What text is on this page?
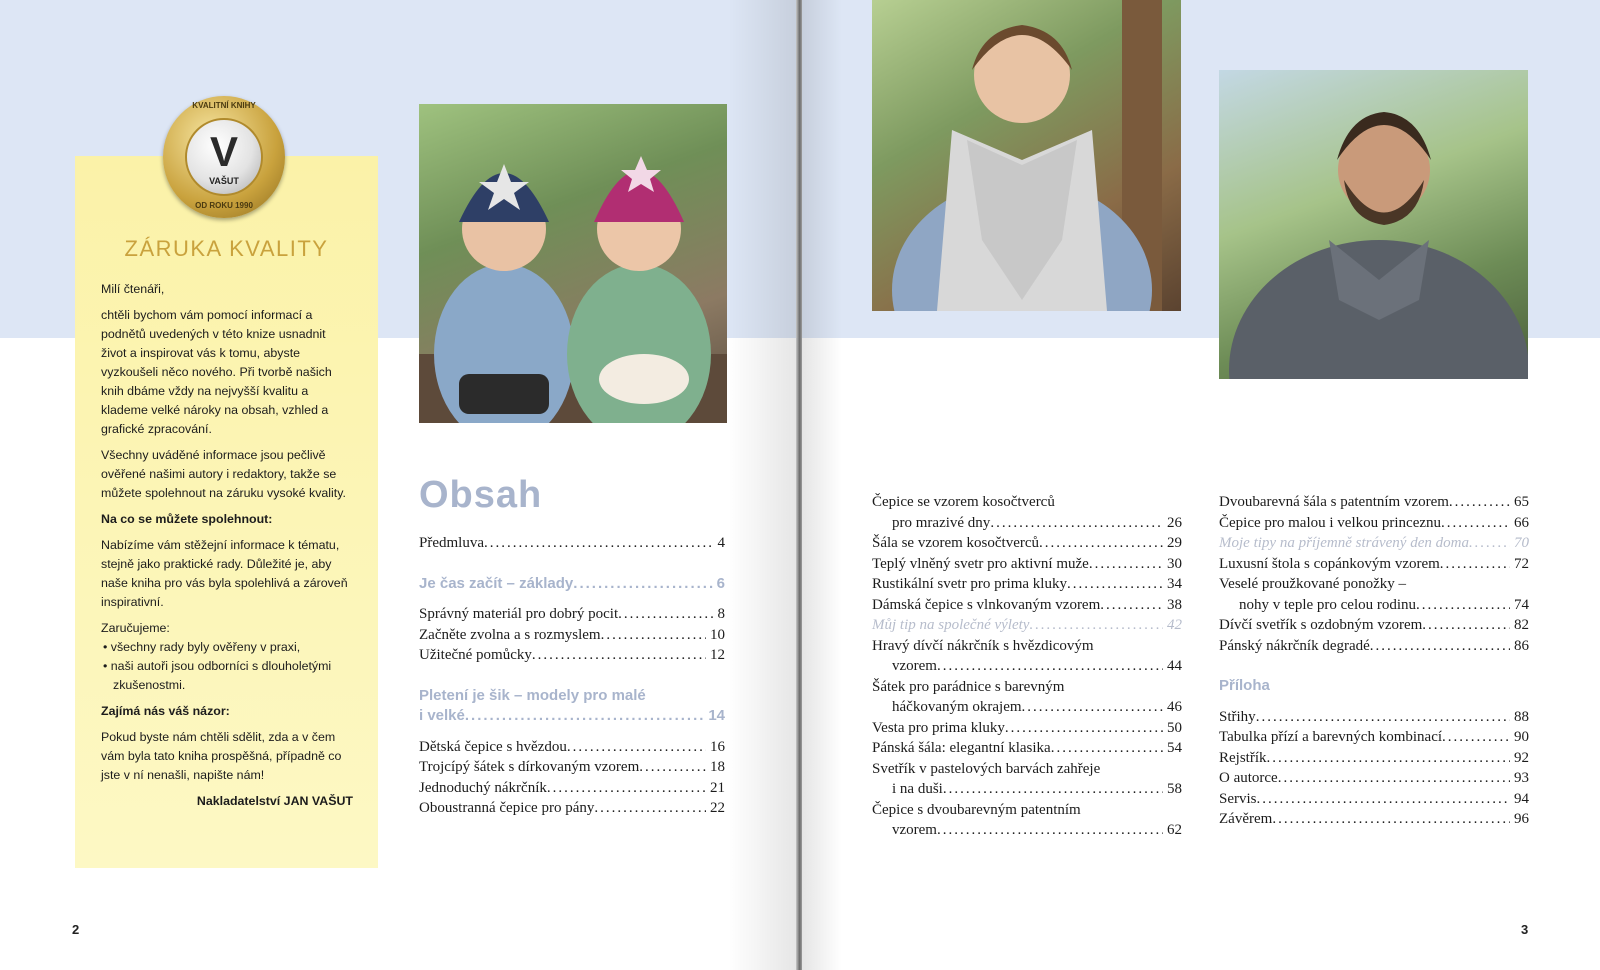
KVALITNÍ KNIHY
V
VAŠUT
OD ROKU 1990
ZÁRUKA KVALITY

Milí čtenáři,

chtěli bychom vám pomocí informací a podnětů uvedených v této knize usnadnit život a inspirovat vás k tomu, abyste vyzkoušeli něco nového. Při tvorbě našich knih dbáme vždy na nejvyšší kvalitu a klademe velké nároky na obsah, vzhled a grafické zpracování.

Všechny uváděné informace jsou pečlivě ověřené našimi autory i redaktory, takže se můžete spolehnout na záruku vysoké kvality.

Na co se můžete spolehnout:

Nabízíme vám stěžejní informace k tématu, stejně jako praktické rady. Důležité je, aby naše kniha pro vás byla spolehlivá a zároveň inspirativní.

Zaručujeme:

• všechny rady byly ověřeny v praxi,
• naši autoři jsou odborníci s dlouholetými zkušenostmi.

Zajímá nás váš názor:

Pokud byste nám chtěli sdělit, zda a v čem vám byla tato kniha prospěšná, případně co jste v ní nenašli, napište nám!

Nakladatelství JAN VAŠUT

Obsah
Předmluva .....	4
Je čas začít – základy .....	6
Správný materiál pro dobrý pocit .....	8
Začněte zvolna a s rozmyslem .....	10
Užitečné pomůcky .....	12
Pletení je šik – modely pro malé
i velké .....	14
Dětská čepice s hvězdou .....	16
Trojcípý šátek s dírkovaným vzorem .....	18
Jednoduchý nákrčník .....	21
Oboustranná čepice pro pány .....	22
2
Čepice se vzorem kosočtverců
pro mrazivé dny .....	26
Šála se vzorem kosočtverců .....	29
Teplý vlněný svetr pro aktivní muže .....	30
Rustikální svetr pro prima kluky .....	34
Dámská čepice s vlnkovaným vzorem .....	38
Můj tip na společné výlety .....	42
Hravý dívčí nákrčník s hvězdicovým
vzorem .....	44
Šátek pro parádnice s barevným
háčkovaným okrajem .....	46
Vesta pro prima kluky .....	50
Pánská šála: elegantní klasika .....	54
Svetřík v pastelových barvách zahřeje
i na duši .....	58
Čepice s dvoubarevným patentním
vzorem .....	62
Dvoubarevná šála s patentním vzorem .....	65
Čepice pro malou i velkou princeznu .....	66
Moje tipy na příjemně strávený den doma .....	70
Luxusní štola s copánkovým vzorem .....	72
Veselé proužkované ponožky –
nohy v teple pro celou rodinu .....	74
Dívčí svetřík s ozdobným vzorem .....	82
Pánský nákrčník degradé .....	86
Příloha
Střihy .....	88
Tabulka přízí a barevných kombinací .....	90
Rejstřík .....	92
O autorce .....	93
Servis .....	94
Závěrem .....	96
3
